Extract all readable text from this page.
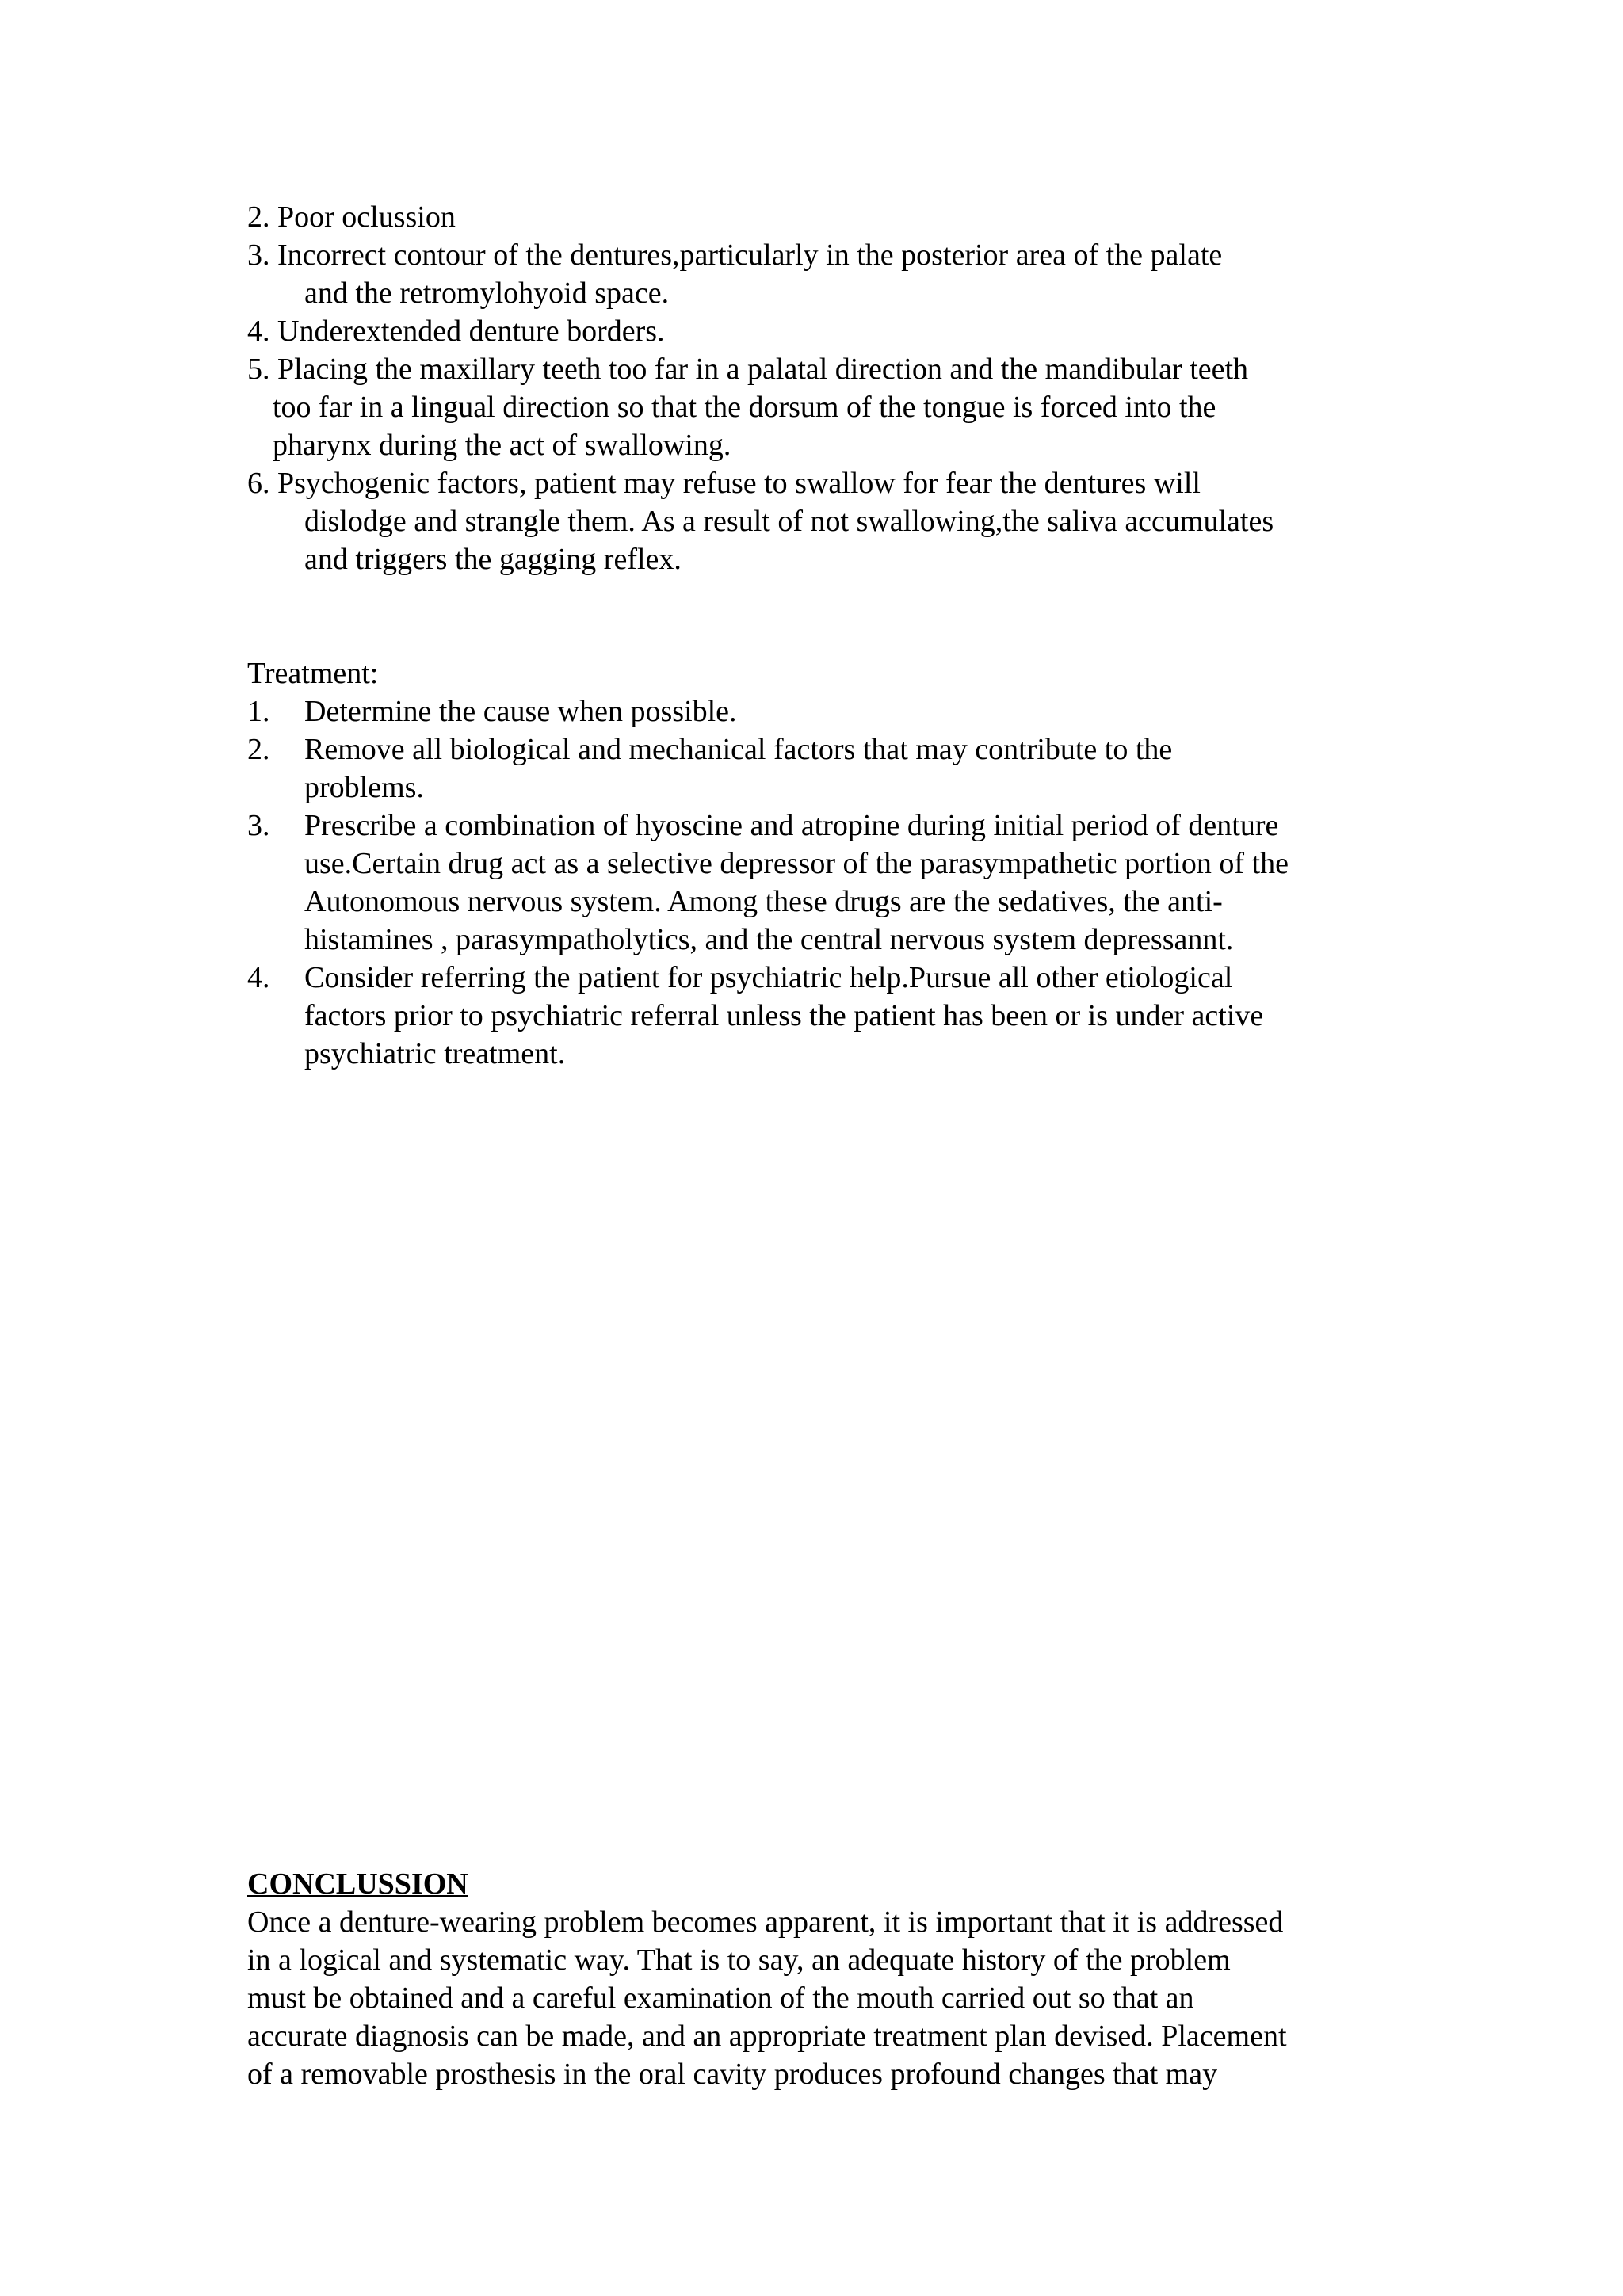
2. Poor oclussion

3. Incorrect contour of the dentures,particularly in the posterior area of the palate

and the retromylohyoid space.

4. Underextended denture borders.

5. Placing the maxillary teeth too far in a palatal direction and the mandibular teeth

too far in a lingual direction so that the dorsum of the tongue is forced into the

pharynx during the act of swallowing.

6. Psychogenic factors, patient may refuse to swallow for fear the dentures will

dislodge and strangle them. As a result of not swallowing,the saliva accumulates

and triggers the gagging reflex.

Treatment:

1. Determine the cause when possible.

2. Remove all biological and mechanical factors that may contribute to the

problems.

3. Prescribe a combination of hyoscine and atropine during initial period of denture

use.Certain drug act as a selective depressor of the parasympathetic portion of the

Autonomous nervous system. Among these drugs are the sedatives, the anti-

histamines , parasympatholytics, and the central nervous system depressannt.

4. Consider referring the patient for psychiatric help.Pursue all other etiological

factors prior to psychiatric referral unless the patient has been or is under active

psychiatric treatment.

CONCLUSSION

Once a denture-wearing problem becomes apparent, it is important that it is addressed

in a logical and systematic way. That is to say, an adequate history of the problem

must be obtained and a careful examination of the mouth carried out so that an

accurate diagnosis can be made, and an appropriate treatment plan devised. Placement

of a removable prosthesis in the oral cavity produces profound changes that may
